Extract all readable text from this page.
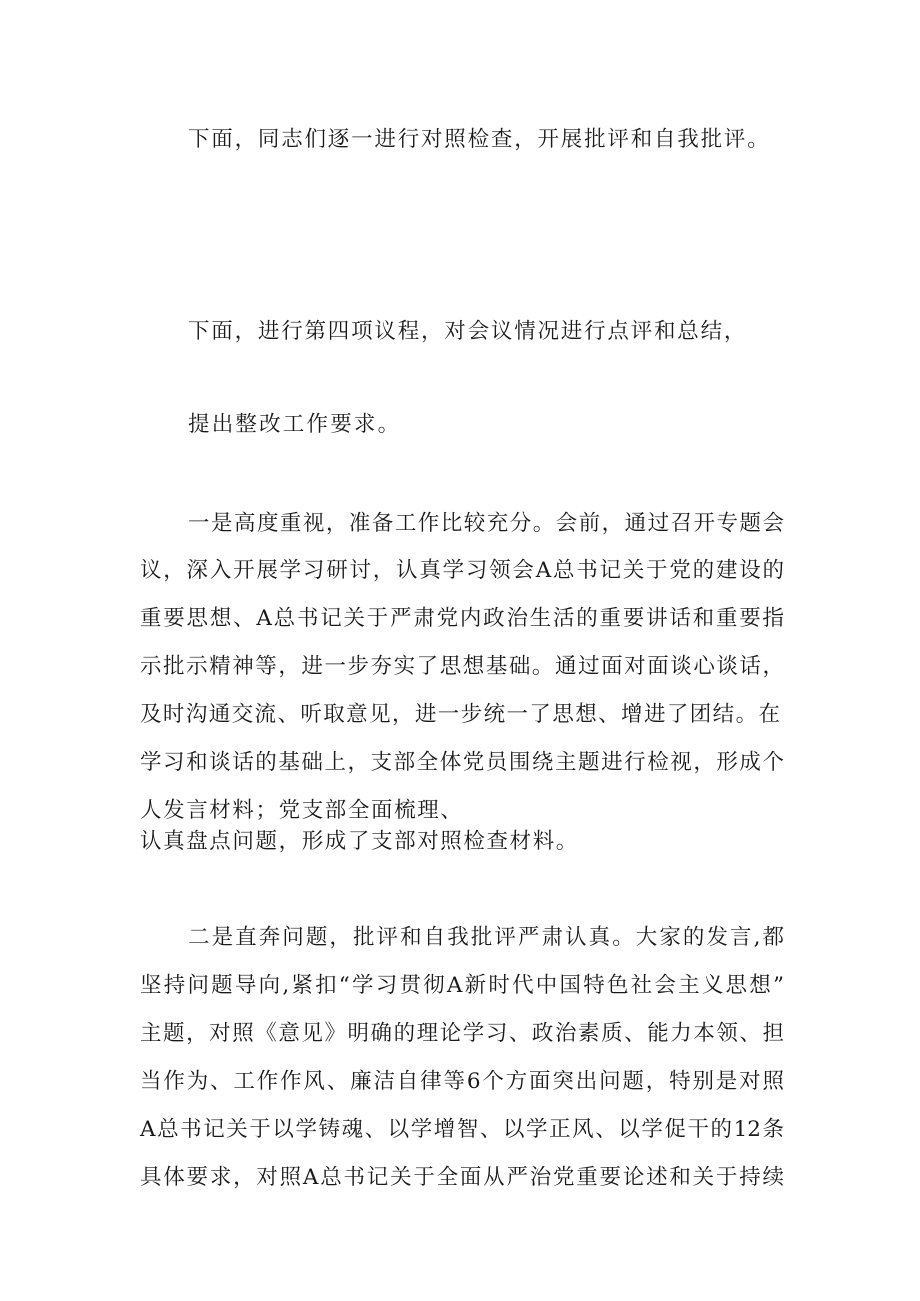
下面，同志们逐一进行对照检查，开展批评和自我批评。
下面，进行第四项议程，对会议情况进行点评和总结，
提出整改工作要求。
一是高度重视，准备工作比较充分。会前，通过召开专题会
议，深入开展学习研讨，认真学习领会A总书记关于党的建设的
重要思想、A总书记关于严肃党内政治生活的重要讲话和重要指
示批示精神等，进一步夯实了思想基础。通过面对面谈心谈话，
及时沟通交流、听取意见，进一步统一了思想、增进了团结。在
学习和谈话的基础上，支部全体党员围绕主题进行检视，形成个
人发言材料；党支部全面梳理、
认真盘点问题，形成了支部对照检查材料。
二是直奔问题，批评和自我批评严肃认真。大家的发言,都
坚持问题导向,紧扣“学习贯彻A新时代中国特色社会主义思想”
主题，对照《意见》明确的理论学习、政治素质、能力本领、担
当作为、工作作风、廉洁自律等6个方面突出问题，特别是对照
A总书记关于以学铸魂、以学增智、以学正风、以学促干的12条
具体要求，对照A总书记关于全面从严治党重要论述和关于持续
